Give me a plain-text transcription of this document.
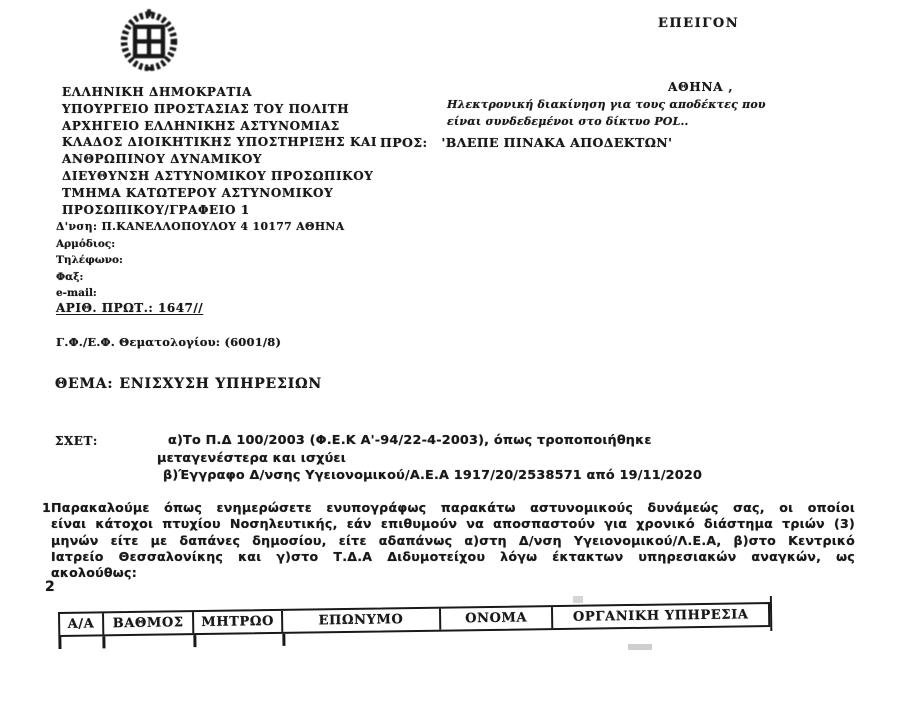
ΕΠΕΙΓΟΝ
ΕΛΛΗΝΙΚΗ ΔΗΜΟΚΡΑΤΙΑ
ΥΠΟΥΡΓΕΙΟ ΠΡΟΣΤΑΣΙΑΣ ΤΟΥ ΠΟΛΙΤΗ
ΑΡΧΗΓΕΙΟ ΕΛΛΗΝΙΚΗΣ ΑΣΤΥΝΟΜΙΑΣ
ΚΛΑΔΟΣ ΔΙΟΙΚΗΤΙΚΗΣ ΥΠΟΣΤΗΡΙΞΗΣ ΚΑΙ
ΑΝΘΡΩΠΙΝΟΥ ΔΥΝΑΜΙΚΟΥ
ΔΙΕΥΘΥΝΣΗ ΑΣΤΥΝΟΜΙΚΟΥ ΠΡΟΣΩΠΙΚΟΥ
ΤΜΗΜΑ ΚΑΤΩΤΕΡΟΥ ΑΣΤΥΝΟΜΙΚΟΥ
ΠΡΟΣΩΠΙΚΟΥ/ΓΡΑΦΕΙΟ 1
Δ'νση: Π.ΚΑΝΕΛΛΟΠΟΥΛΟΥ 4 10177 ΑΘΗΝΑ
Αρμόδιος:
Τηλέφωνο:
Φαξ:
e-mail:
ΑΡΙΘ. ΠΡΩΤ.: 1647//
Γ.Φ./Ε.Φ. Θεματολογίου: (6001/8)
ΑΘΗΝΑ ,
Ηλεκτρονική διακίνηση για τους αποδέκτες που
είναι συνδεδεμένοι στο δίκτυο POL..
ΠΡΟΣ: 'ΒΛΕΠΕ ΠΙΝΑΚΑ ΑΠΟΔΕΚΤΩΝ'
ΘΕΜΑ: ΕΝΙΣΧΥΣΗ ΥΠΗΡΕΣΙΩΝ
ΣΧΕΤ:	α)Το Π.Δ 100/2003 (Φ.Ε.Κ Α'-94/22-4-2003), όπως τροποποιήθηκε
μεταγενέστερα και ισχύει
β)Έγγραφο Δ/νσης Υγειονομικού/Α.Ε.Α 1917/20/2538571 από 19/11/2020
1 Παρακαλούμε όπως ενημερώσετε ενυπογράφως παρακάτω αστυνομικούς δυνάμεώς σας, οι οποίοι
είναι κάτοχοι πτυχίου Νοσηλευτικής, εάν επιθυμούν να αποσπαστούν για χρονικό διάστημα τριών (3)
μηνών είτε με δαπάνες δημοσίου, είτε αδαπάνως α)στη Δ/νση Υγειονομικού/Λ.Ε.Α, β)στο Κεντρικό
Ιατρείο Θεσσαλονίκης και γ)στο Τ.Δ.Α Διδυμοτείχου λόγω έκτακτων υπηρεσιακών αναγκών, ως
ακολούθως:
2
Α/Α	ΒΑΘΜΟΣ	ΜΗΤΡΩΟ	ΕΠΩΝΥΜΟ	ΟΝΟΜΑ	ΟΡΓΑΝΙΚΗ ΥΠΗΡΕΣΙΑ
